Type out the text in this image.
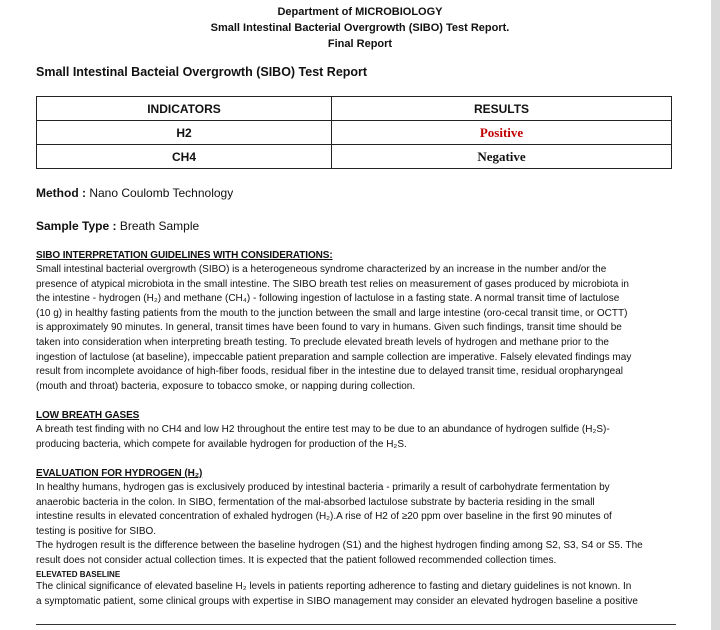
Department of MICROBIOLOGY
Small Intestinal Bacterial Overgrowth (SIBO) Test Report.
Final Report
Small Intestinal Bacteial Overgrowth (SIBO) Test Report
INDICATORS	RESULTS
H2	Positive
CH4	Negative
Method : Nano Coulomb Technology
Sample Type : Breath Sample
SIBO INTERPRETATION GUIDELINES WITH CONSIDERATIONS:
Small intestinal bacterial overgrowth (SIBO) is a heterogeneous syndrome characterized by an increase in the number and/or the
presence of atypical microbiota in the small intestine. The SIBO breath test relies on measurement of gases produced by microbiota in
the intestine - hydrogen (H₂) and methane (CH₄) - following ingestion of lactulose in a fasting state. A normal transit time of lactulose
(10 g) in healthy fasting patients from the mouth to the junction between the small and large intestine (oro-cecal transit time, or OCTT)
is approximately 90 minutes. In general, transit times have been found to vary in humans. Given such findings, transit time should be
taken into consideration when interpreting breath testing. To preclude elevated breath levels of hydrogen and methane prior to the
ingestion of lactulose (at baseline), impeccable patient preparation and sample collection are imperative. Falsely elevated findings may
result from incomplete avoidance of high-fiber foods, residual fiber in the intestine due to delayed transit time, residual oropharyngeal
(mouth and throat) bacteria, exposure to tobacco smoke, or napping during collection.
LOW BREATH GASES
A breath test finding with no CH4 and low H2 throughout the entire test may to be due to an abundance of hydrogen sulfide (H₂S)-
producing bacteria, which compete for available hydrogen for production of the H₂S.
EVALUATION FOR HYDROGEN (H₂)
In healthy humans, hydrogen gas is exclusively produced by intestinal bacteria - primarily a result of carbohydrate fermentation by
anaerobic bacteria in the colon. In SIBO, fermentation of the mal-absorbed lactulose substrate by bacteria residing in the small
intestine results in elevated concentration of exhaled hydrogen (H₂).A rise of H2 of ≥20 ppm over baseline in the first 90 minutes of
testing is positive for SIBO.
The hydrogen result is the difference between the baseline hydrogen (S1) and the highest hydrogen finding among S2, S3, S4 or S5. The
result does not consider actual collection times. It is expected that the patient followed recommended collection times.
ELEVATED BASELINE
The clinical significance of elevated baseline H₂ levels in patients reporting adherence to fasting and dietary guidelines is not known. In
a symptomatic patient, some clinical groups with expertise in SIBO management may consider an elevated hydrogen baseline a positive
